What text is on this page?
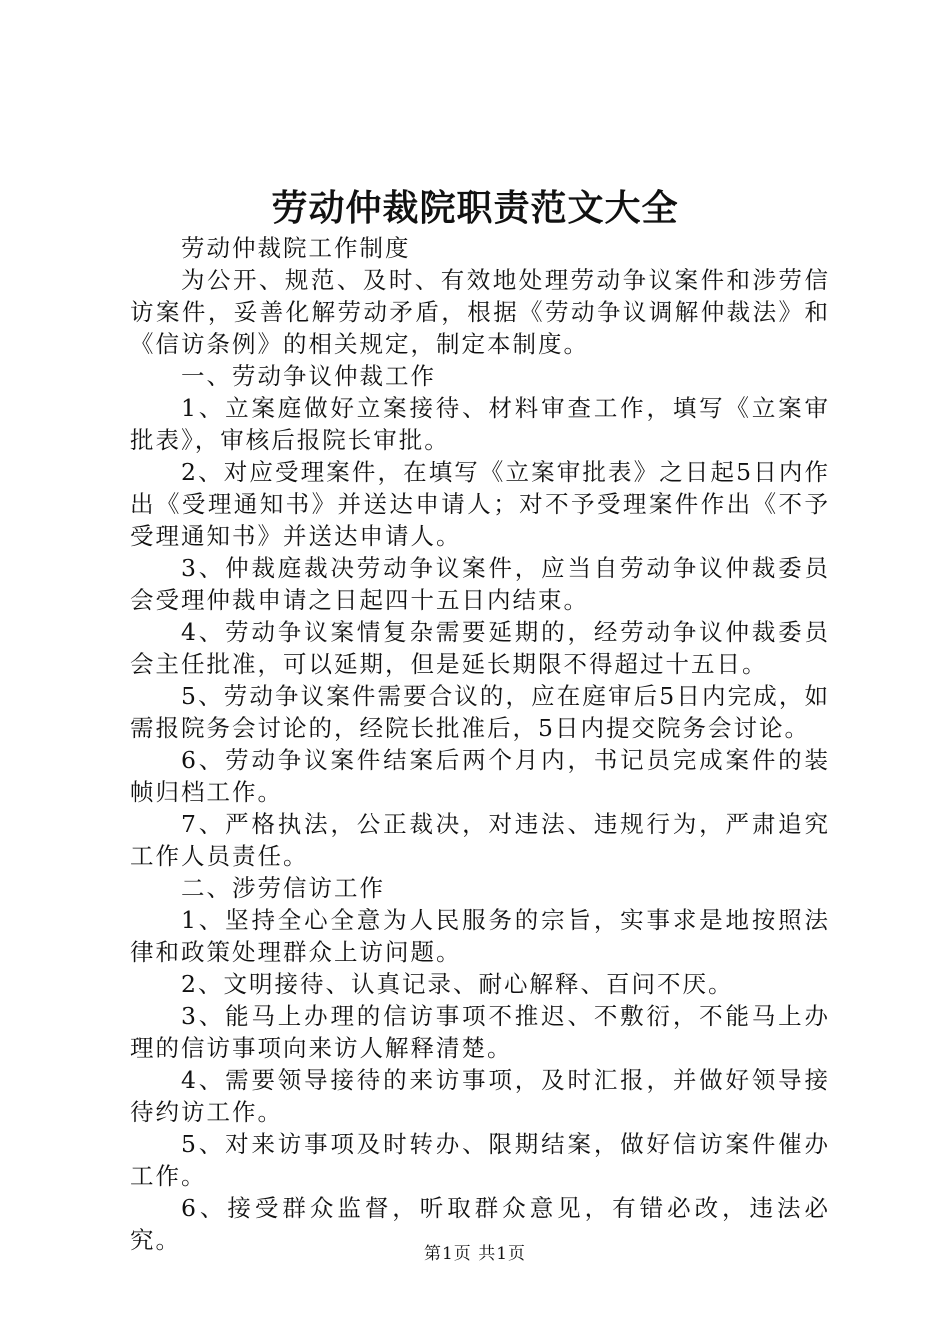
劳动仲裁院职责范文大全

劳动仲裁院工作制度

为公开、规范、及时、有效地处理劳动争议案件和涉劳信访案件，妥善化解劳动矛盾，根据《劳动争议调解仲裁法》和《信访条例》的相关规定，制定本制度。

一、劳动争议仲裁工作

1、立案庭做好立案接待、材料审查工作，填写《立案审批表》，审核后报院长审批。

2、对应受理案件，在填写《立案审批表》之日起5日内作出《受理通知书》并送达申请人；对不予受理案件作出《不予受理通知书》并送达申请人。

3、仲裁庭裁决劳动争议案件，应当自劳动争议仲裁委员会受理仲裁申请之日起四十五日内结束。

4、劳动争议案情复杂需要延期的，经劳动争议仲裁委员会主任批准，可以延期，但是延长期限不得超过十五日。

5、劳动争议案件需要合议的，应在庭审后5日内完成，如需报院务会讨论的，经院长批准后，5日内提交院务会讨论。

6、劳动争议案件结案后两个月内，书记员完成案件的装帧归档工作。

7、严格执法，公正裁决，对违法、违规行为，严肃追究工作人员责任。

二、涉劳信访工作

1、坚持全心全意为人民服务的宗旨，实事求是地按照法律和政策处理群众上访问题。

2、文明接待、认真记录、耐心解释、百问不厌。

3、能马上办理的信访事项不推迟、不敷衍，不能马上办理的信访事项向来访人解释清楚。

4、需要领导接待的来访事项，及时汇报，并做好领导接待约访工作。

5、对来访事项及时转办、限期结案，做好信访案件催办工作。

6、接受群众监督，听取群众意见，有错必改，违法必究。	第1页 共1页
